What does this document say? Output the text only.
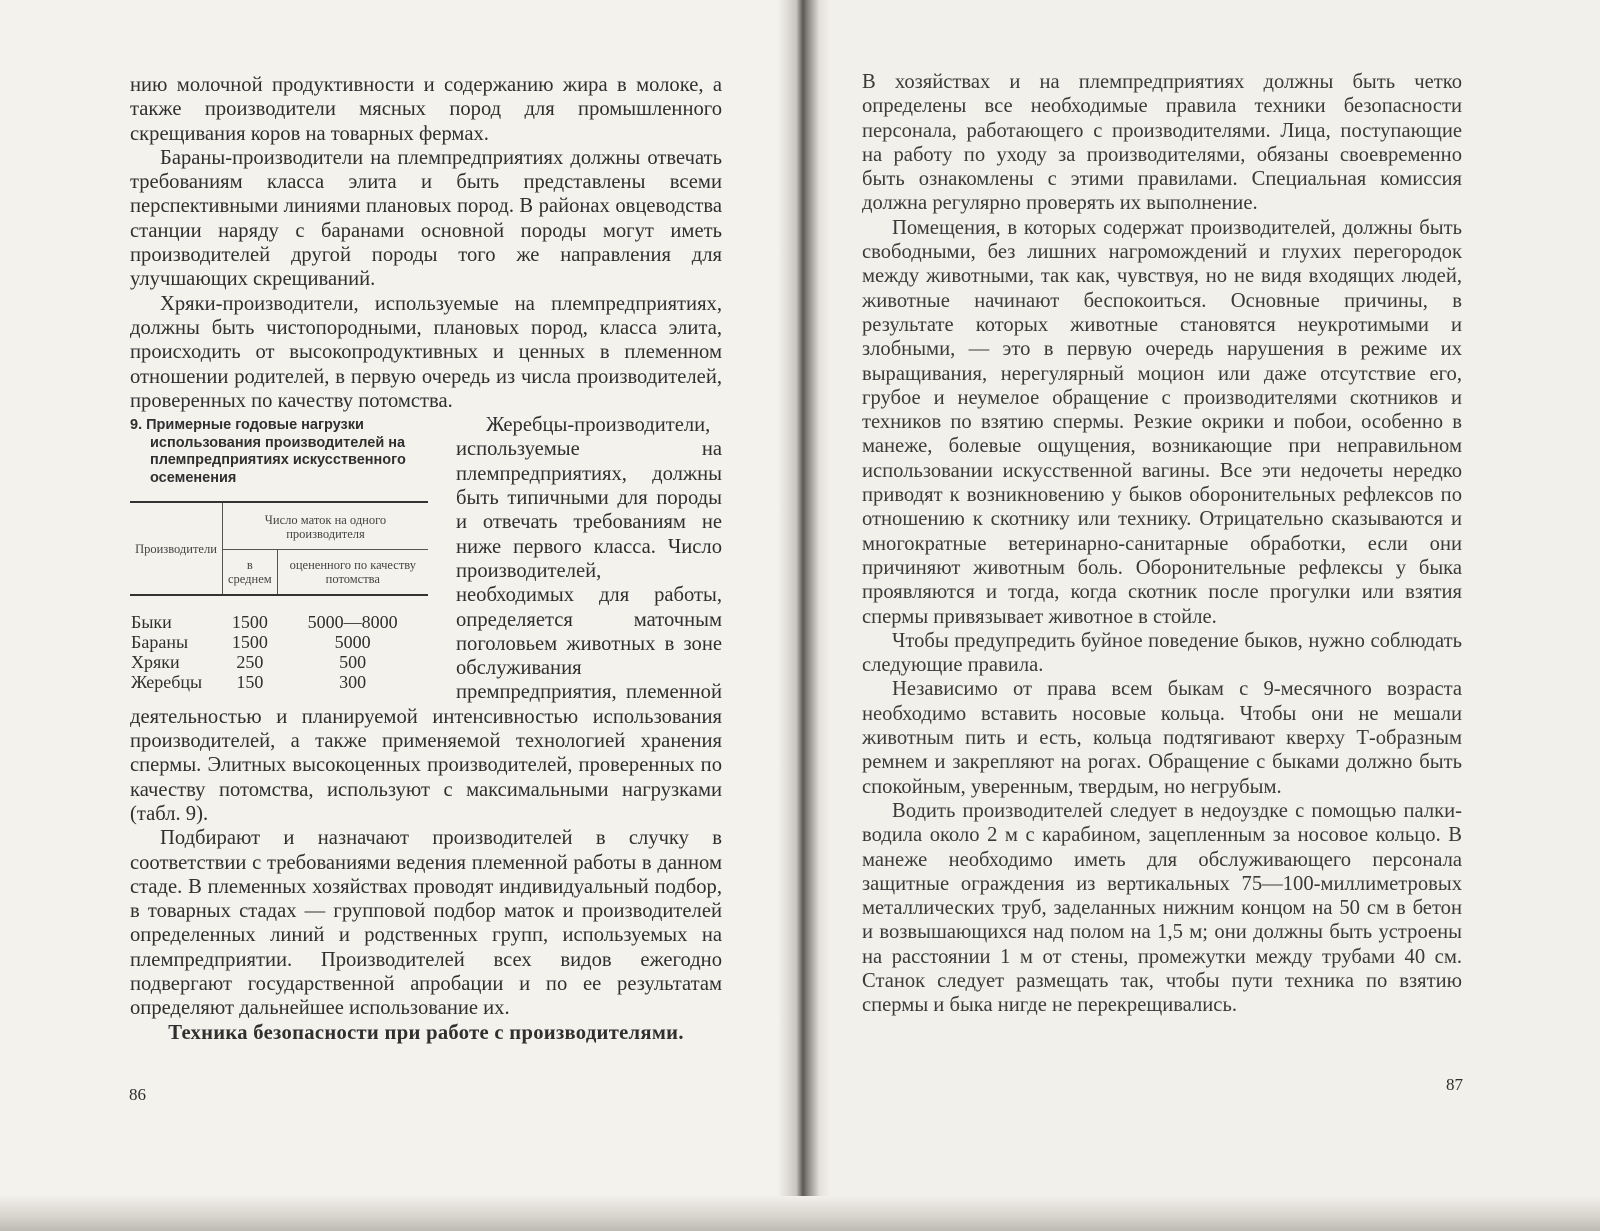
нию молочной продуктивности и содержанию жира в молоке, а также производители мясных пород для промышленного скрещивания коров на товарных фермах.

Бараны-производители на племпредприятиях должны отвечать требованиям класса элита и быть представлены всеми перспективными линиями плановых пород. В районах овцеводства станции наряду с баранами основной породы могут иметь производителей другой породы того же направления для улучшающих скрещиваний.

Хряки-производители, используемые на племпредприятиях, должны быть чистопородными, плановых пород, класса элита, происходить от высокопродуктивных и ценных в племенном отношении родителей, в первую очередь из числа производителей, проверенных по качеству потомства.

9. Примерные годовые нагрузки использования производителей на племпредприятиях искусственного осеменения
Производители	Число маток на одного производителя	
	в среднем	оцененного по качеству потомства

Быки	1500	5000—8000
Бараны	1500	5000
Хряки	250	500
Жеребцы	150	300

Жеребцы-производители, используемые на племпредприятиях, должны быть типичными для породы и отвечать требованиям не ниже первого класса. Число производителей, необходимых для работы, определяется маточным поголовьем животных в зоне обслуживания премпредприятия, племенной деятельностью и планируемой интенсивностью использования производителей, а также применяемой технологией хранения спермы. Элитных высокоценных производителей, проверенных по качеству потомства, используют с максимальными нагрузками (табл. 9).

Подбирают и назначают производителей в случку в соответствии с требованиями ведения племенной работы в данном стаде. В племенных хозяйствах проводят индивидуальный подбор, в товарных стадах — групповой подбор маток и производителей определенных линий и родственных групп, используемых на племпредприятии. Производителей всех видов ежегодно подвергают государственной апробации и по ее результатам определяют дальнейшее использование их.

Техника безопасности при работе с производителями.

86

В хозяйствах и на племпредприятиях должны быть четко определены все необходимые правила техники безопасности персонала, работающего с производителями. Лица, поступающие на работу по уходу за производителями, обязаны своевременно быть ознакомлены с этими правилами. Специальная комиссия должна регулярно проверять их выполнение.

Помещения, в которых содержат производителей, должны быть свободными, без лишних нагромождений и глухих перегородок между животными, так как, чувствуя, но не видя входящих людей, животные начинают беспокоиться. Основные причины, в результате которых животные становятся неукротимыми и злобными, — это в первую очередь нарушения в режиме их выращивания, нерегулярный моцион или даже отсутствие его, грубое и неумелое обращение с производителями скотников и техников по взятию спермы. Резкие окрики и побои, особенно в манеже, болевые ощущения, возникающие при неправильном использовании искусственной вагины. Все эти недочеты нередко приводят к возникновению у быков оборонительных рефлексов по отношению к скотнику или технику. Отрицательно сказываются и многократные ветеринарно-санитарные обработки, если они причиняют животным боль. Оборонительные рефлексы у быка проявляются и тогда, когда скотник после прогулки или взятия спермы привязывает животное в стойле.

Чтобы предупредить буйное поведение быков, нужно соблюдать следующие правила.

Независимо от права всем быкам с 9-месячного возраста необходимо вставить носовые кольца. Чтобы они не мешали животным пить и есть, кольца подтягивают кверху Т-образным ремнем и закрепляют на рогах. Обращение с быками должно быть спокойным, уверенным, твердым, но негрубым.

Водить производителей следует в недоуздке с помощью палки-водила около 2 м с карабином, зацепленным за носовое кольцо. В манеже необходимо иметь для обслуживающего персонала защитные ограждения из вертикальных 75—100-миллиметровых металлических труб, заделанных нижним концом на 50 см в бетон и возвышающихся над полом на 1,5 м; они должны быть устроены на расстоянии 1 м от стены, промежутки между трубами 40 см. Станок следует размещать так, чтобы пути техника по взятию спермы и быка нигде не перекрещивались.

87
